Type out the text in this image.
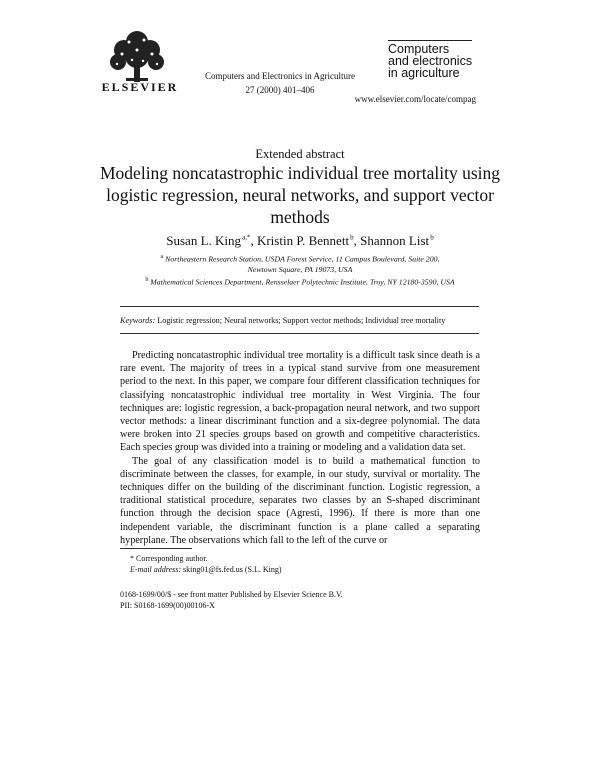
ELSEVIER
Computers and Electronics in Agriculture
27 (2000) 401–406
Computers
and electronics
in agriculture
www.elsevier.com/locate/compag
Extended abstract
Modeling noncatastrophic individual tree mortality using logistic regression, neural networks, and support vector methods
Susan L. King $^{a,*}$, Kristin P. Bennett $^b$, Shannon List $^b$
$^a$ Northeastern Research Station, USDA Forest Service, 11 Campus Boulevard, Suite 200,
Newtown Square, PA 19073, USA
$^b$ Mathematical Sciences Department, Rensselaer Polytechnic Institute, Troy, NY 12180-3590, USA
Keywords: Logistic regression; Neural networks; Support vector methods; Individual tree mortality

Predicting noncatastrophic individual tree mortality is a difficult task since death is a rare event. The majority of trees in a typical stand survive from one measurement period to the next. In this paper, we compare four different classification techniques for classifying noncatastrophic individual tree mortality in West Virginia. The four techniques are: logistic regression, a back-propagation neural network, and two support vector methods: a linear discriminant function and a six-degree polynomial. The data were broken into 21 species groups based on growth and competitive characteristics. Each species group was divided into a training or modeling and a validation data set.

The goal of any classification model is to build a mathematical function to discriminate between the classes, for example, in our study, survival or mortality. The techniques differ on the building of the discriminant function. Logistic regression, a traditional statistical procedure, separates two classes by an S-shaped discriminant function through the decision space (Agresti, 1996). If there is more than one independent variable, the discriminant function is a plane called a separating hyperplane. The observations which fall to the left of the curve or

* Corresponding author.
E-mail address: sking01@fs.fed.us (S.L. King)
0168-1699/00/$ - see front matter Published by Elsevier Science B.V.
PII: S0168-1699(00)00106-X
